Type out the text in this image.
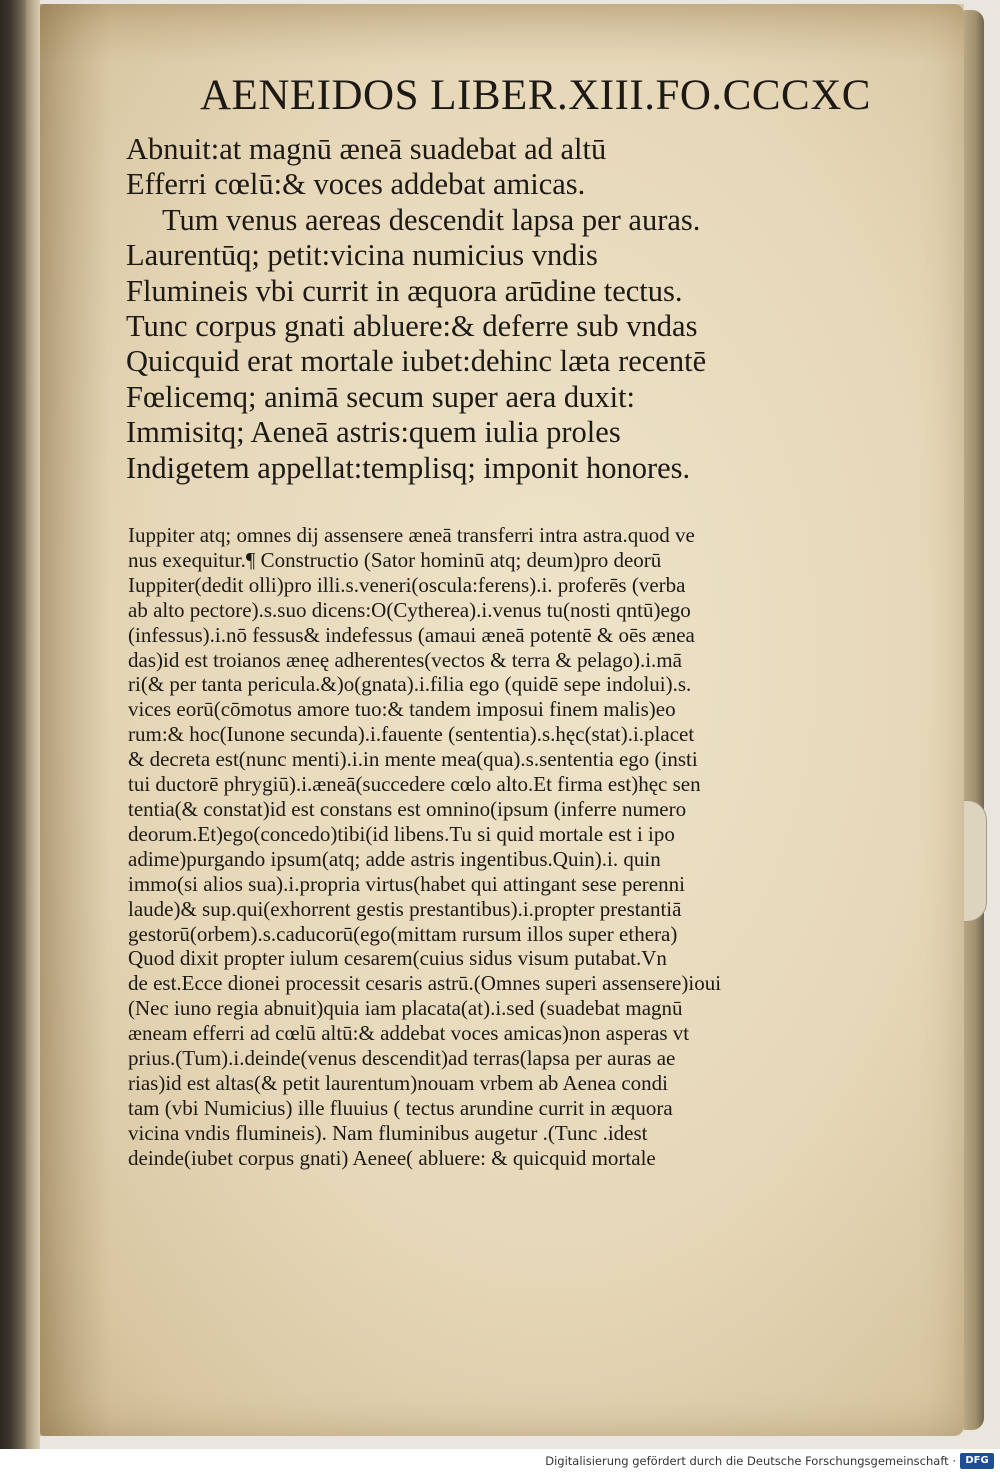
AENEIDOS LIBER.XIII.FO.CCCXC
Abnuit:at magnū æneā suadebat ad altū
Efferri cœlū:& voces addebat amicas.
Tum venus aereas descendit lapsa per auras.
Laurentūq; petit:vicina numicius vndis
Flumineis vbi currit in æquora arūdine tectus.
Tunc corpus gnati abluere:& deferre sub vndas
Quicquid erat mortale iubet:dehinc læta recentē
Fœlicemq; animā secum super aera duxit:
Immisitq; Aeneā astris:quem iulia proles
Indigetem appellat:templisq; imponit honores.
Iuppiter atq; omnes dij assensere æneā transferri intra astra.quod ve
nus exequitur.¶ Constructio (Sator hominū atq; deum)pro deorū
Iuppiter(dedit olli)pro illi.s.veneri(oscula:ferens).i. proferēs (verba
ab alto pectore).s.suo dicens:O(Cytherea).i.venus tu(nosti qntū)ego
(infessus).i.nō fessus& indefessus (amaui æneā potentē & oēs ænea
das)id est troianos æneę adherentes(vectos & terra & pelago).i.mā
ri(& per tanta pericula.&)o(gnata).i.filia ego (quidē sepe indolui).s.
vices eorū(cōmotus amore tuo:& tandem imposui finem malis)eo
rum:& hoc(Iunone secunda).i.fauente (sententia).s.hęc(stat).i.placet
& decreta est(nunc menti).i.in mente mea(qua).s.sententia ego (insti
tui ductorē phrygiū).i.æneā(succedere cœlo alto.Et firma est)hęc sen
tentia(& constat)id est constans est omnino(ipsum (inferre numero
deorum.Et)ego(concedo)tibi(id libens.Tu si quid mortale est i ipo
adime)purgando ipsum(atq; adde astris ingentibus.Quin).i. quin
immo(si alios sua).i.propria virtus(habet qui attingant sese perenni
laude)& sup.qui(exhorrent gestis prestantibus).i.propter prestantiā
gestorū(orbem).s.caducorū(ego(mittam rursum illos super ethera)
Quod dixit propter iulum cesarem(cuius sidus visum putabat.Vn
de est.Ecce dionei processit cesaris astrū.(Omnes superi assensere)ioui
(Nec iuno regia abnuit)quia iam placata(at).i.sed (suadebat magnū
æneam efferri ad cœlū altū:& addebat voces amicas)non asperas vt
prius.(Tum).i.deinde(venus descendit)ad terras(lapsa per auras ae
rias)id est altas(& petit laurentum)nouam vrbem ab Aenea condi
tam (vbi Numicius) ille fluuius ( tectus arundine currit in æquora
vicina vndis flumineis). Nam fluminibus augetur .(Tunc .idest
deinde(iubet corpus gnati) Aenee( abluere: & quicquid mortale
Digitalisierung gefördert durch die Deutsche Forschungsgemeinschaft · DFG
